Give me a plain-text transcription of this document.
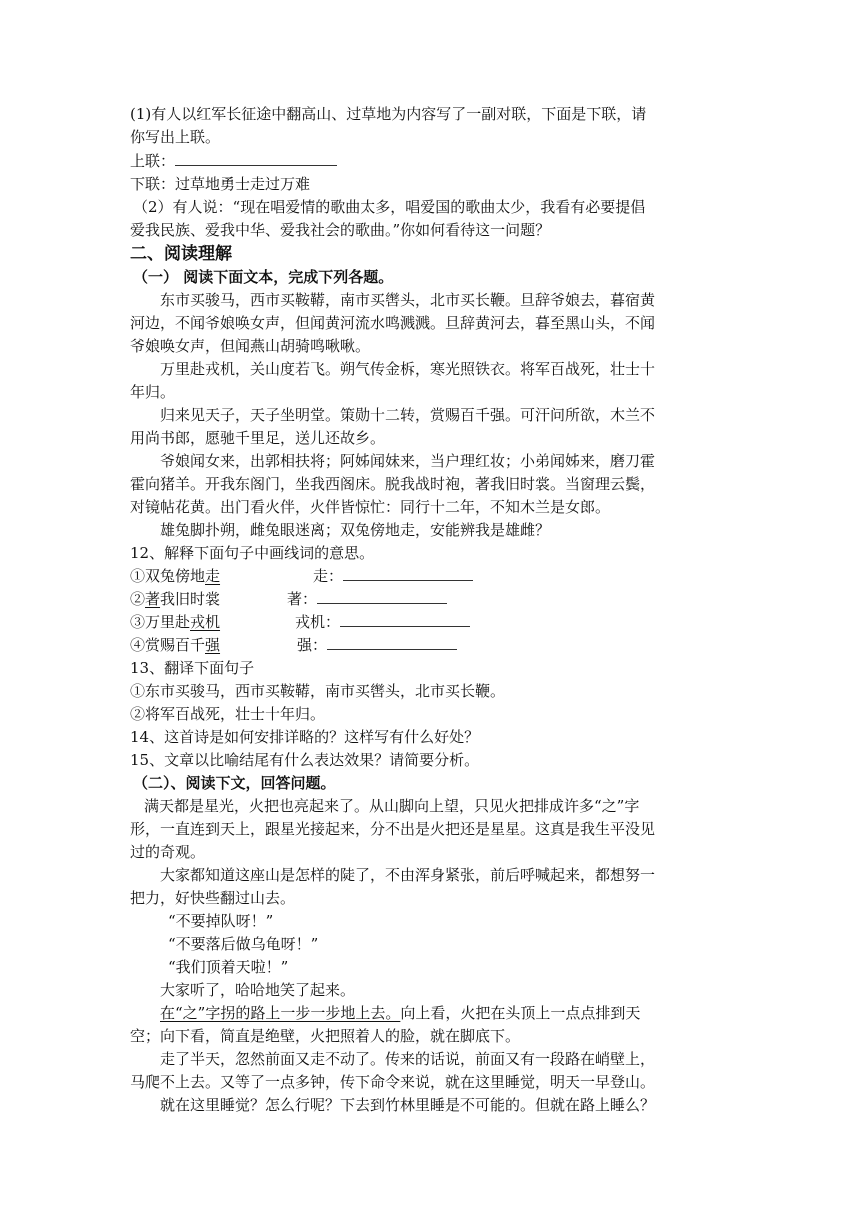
(1)有人以红军长征途中翻高山、过草地为内容写了一副对联，下面是下联，请
你写出上联。
上联：
下联：过草地勇士走过万难
（2）有人说：“现在唱爱情的歌曲太多，唱爱国的歌曲太少，我看有必要提倡
爱我民族、爱我中华、爱我社会的歌曲。”你如何看待这一问题？
二、阅读理解
（一） 阅读下面文本，完成下列各题。
东市买骏马，西市买鞍鞯，南市买辔头，北市买长鞭。旦辞爷娘去，暮宿黄
河边，不闻爷娘唤女声，但闻黄河流水鸣溅溅。旦辞黄河去，暮至黑山头，不闻
爷娘唤女声，但闻燕山胡骑鸣啾啾。
万里赴戎机，关山度若飞。朔气传金柝，寒光照铁衣。将军百战死，壮士十
年归。
归来见天子，天子坐明堂。策勋十二转，赏赐百千强。可汗问所欲，木兰不
用尚书郎，愿驰千里足，送儿还故乡。
爷娘闻女来，出郭相扶将；阿姊闻妹来，当户理红妆；小弟闻姊来，磨刀霍
霍向猪羊。开我东阁门，坐我西阁床。脱我战时袍，著我旧时裳。当窗理云鬓，
对镜帖花黄。出门看火伴，火伴皆惊忙：同行十二年，不知木兰是女郎。
雄兔脚扑朔，雌兔眼迷离；双兔傍地走，安能辨我是雄雌？
12、解释下面句子中画线词的意思。
①双兔傍地走	走：
②著我旧时裳	著：
③万里赴戎机	戎机：
④赏赐百千强	强：
13、翻译下面句子
①东市买骏马，西市买鞍鞯，南市买辔头，北市买长鞭。
②将军百战死，壮士十年归。
14、这首诗是如何安排详略的？这样写有什么好处？
15、文章以比喻结尾有什么表达效果？请简要分析。
（二）、阅读下文，回答问题。
满天都是星光，火把也亮起来了。从山脚向上望，只见火把排成许多“之”字
形，一直连到天上，跟星光接起来，分不出是火把还是星星。这真是我生平没见
过的奇观。
大家都知道这座山是怎样的陡了，不由浑身紧张，前后呼喊起来，都想努一
把力，好快些翻过山去。
“不要掉队呀！”
“不要落后做乌龟呀！”
“我们顶着天啦！”
大家听了，哈哈地笑了起来。
在“之”字拐的路上一步一步地上去。向上看，火把在头顶上一点点排到天
空；向下看，简直是绝壁，火把照着人的脸，就在脚底下。
走了半天，忽然前面又走不动了。传来的话说，前面又有一段路在峭壁上，
马爬不上去。又等了一点多钟，传下命令来说，就在这里睡觉，明天一早登山。
就在这里睡觉？怎么行呢？下去到竹林里睡是不可能的。但就在路上睡么？
